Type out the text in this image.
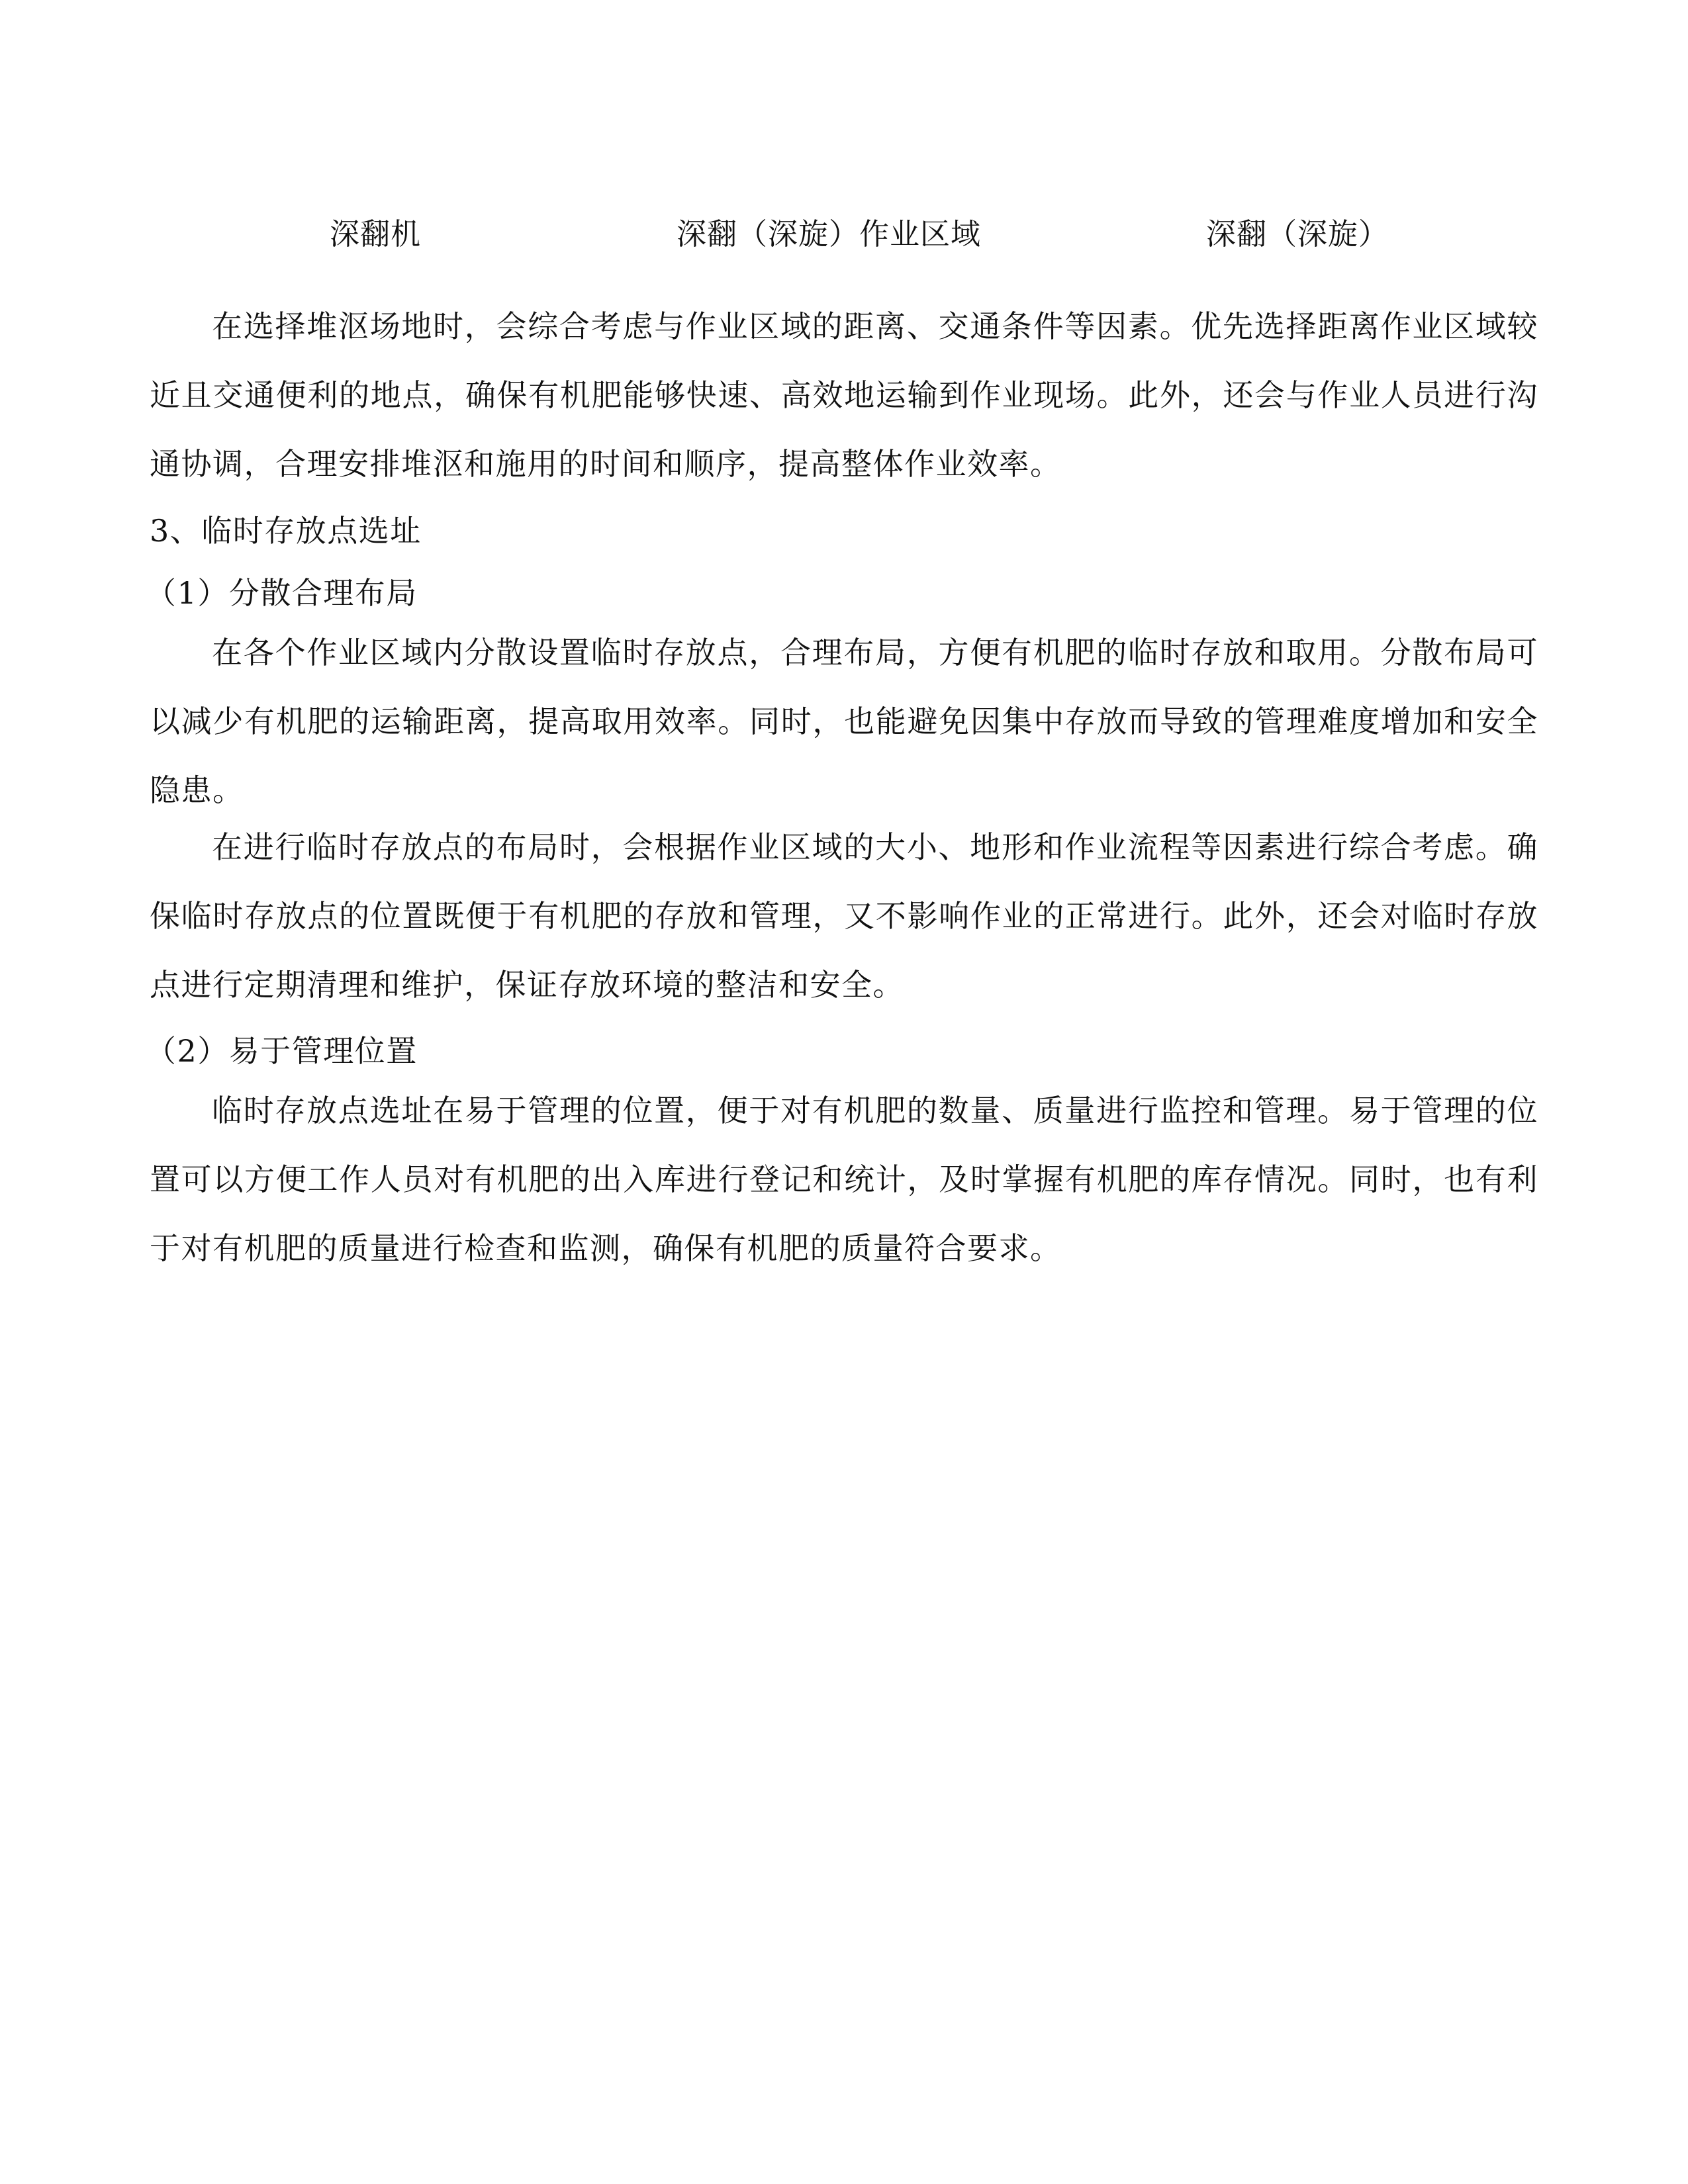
深翻机	深翻（深旋）作业区域	深翻（深旋）

在选择堆沤场地时，会综合考虑与作业区域的距离、交通条件等因素。优先选择距离作业区域较近且交通便利的地点，确保有机肥能够快速、高效地运输到作业现场。此外，还会与作业人员进行沟通协调，合理安排堆沤和施用的时间和顺序，提高整体作业效率。

3、临时存放点选址

（1）分散合理布局

在各个作业区域内分散设置临时存放点，合理布局，方便有机肥的临时存放和取用。分散布局可以减少有机肥的运输距离，提高取用效率。同时，也能避免因集中存放而导致的管理难度增加和安全隐患。

在进行临时存放点的布局时，会根据作业区域的大小、地形和作业流程等因素进行综合考虑。确保临时存放点的位置既便于有机肥的存放和管理，又不影响作业的正常进行。此外，还会对临时存放点进行定期清理和维护，保证存放环境的整洁和安全。

（2）易于管理位置

临时存放点选址在易于管理的位置，便于对有机肥的数量、质量进行监控和管理。易于管理的位置可以方便工作人员对有机肥的出入库进行登记和统计，及时掌握有机肥的库存情况。同时，也有利于对有机肥的质量进行检查和监测，确保有机肥的质量符合要求。
